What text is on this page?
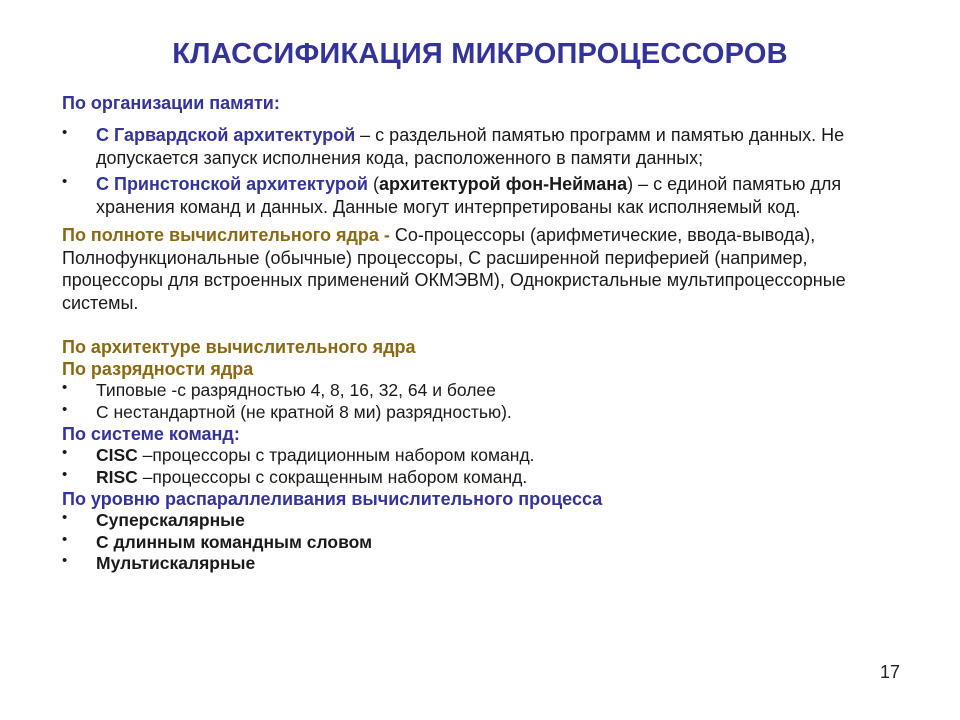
КЛАССИФИКАЦИЯ МИКРОПРОЦЕССОРОВ
По организации памяти:
• С Гарвардской архитектурой – с раздельной памятью программ и памятью данных. Не допускается запуск исполнения кода, расположенного в памяти данных;
• С Принстонской архитектурой (архитектурой фон-Неймана) – с единой памятью для хранения команд и данных. Данные могут интерпретированы как исполняемый код.
По полноте вычислительного ядра - Со-процессоры (арифметические, ввода-вывода), Полнофункциональные (обычные) процессоры, С расширенной периферией (например, процессоры для встроенных применений ОКМЭВМ), Однокристальные мультипроцессорные системы.
По архитектуре вычислительного ядра
По разрядности ядра
• Типовые -с разрядностью 4, 8, 16, 32, 64 и более
• С нестандартной (не кратной 8 ми) разрядностью).
По системе команд:
• CISC –процессоры с традиционным набором команд.
• RISC –процессоры с сокращенным набором команд.
По уровню распараллеливания вычислительного процесса
• Суперскалярные
• С длинным командным словом
• Мультискалярные
17
